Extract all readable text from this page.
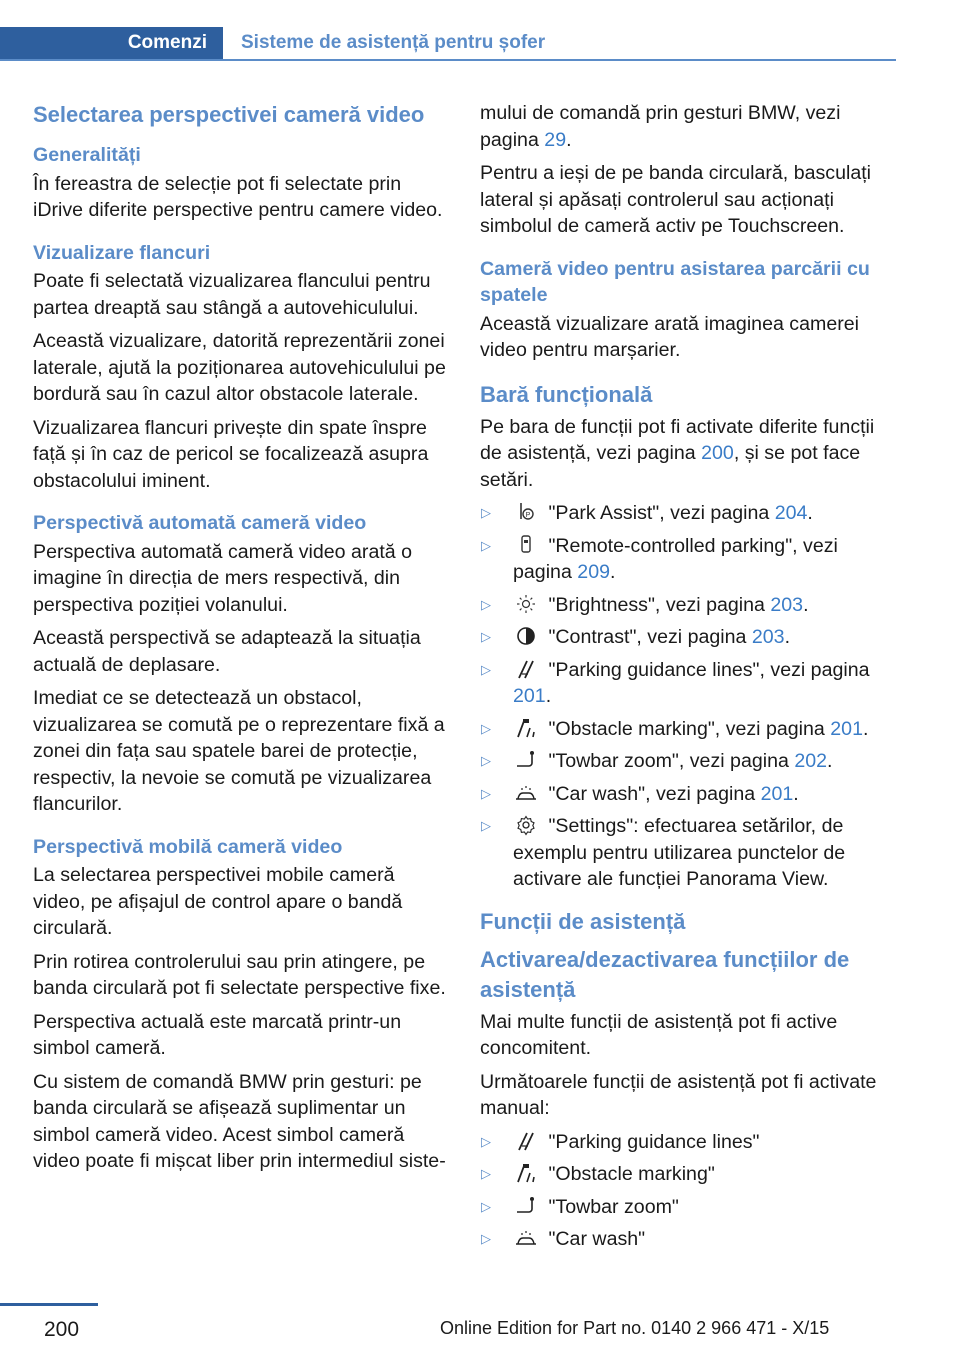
Comenzi Sisteme de asistență pentru șofer
Selectarea perspectivei cameră video
Generalități

În fereastra de selecție pot fi selectate prin iDrive diferite perspective pentru camere video.

Vizualizare flancuri

Poate fi selectată vizualizarea flancului pentru partea dreaptă sau stângă a autovehiculului.

Această vizualizare, datorită reprezentării zonei laterale, ajută la poziționarea autovehiculului pe bordură sau în cazul altor obstacole laterale.

Vizualizarea flancuri privește din spate înspre față și în caz de pericol se focalizează asupra obstacolului iminent.

Perspectivă automată cameră video

Perspectiva automată cameră video arată o imagine în direcția de mers respectivă, din perspectiva poziției volanului.

Această perspectivă se adaptează la situația actuală de deplasare.

Imediat ce se detectează un obstacol, vizualizarea se comută pe o reprezentare fixă a zonei din fața sau spatele barei de protecție, respectiv, la nevoie se comută pe vizualizarea flancurilor.

Perspectivă mobilă cameră video

La selectarea perspectivei mobile cameră video, pe afișajul de control apare o bandă circulară.

Prin rotirea controlerului sau prin atingere, pe banda circulară pot fi selectate perspective fixe.

Perspectiva actuală este marcată printr-un simbol cameră.

Cu sistem de comandă BMW prin gesturi: pe banda circulară se afișează suplimentar un simbol cameră video. Acest simbol cameră video poate fi mișcat liber prin intermediul siste-

mului de comandă prin gesturi BMW, vezi pagina 29.

Pentru a ieși de pe banda circulară, basculați lateral și apăsați controlerul sau acționați simbolul de cameră activ pe Touchscreen.

Cameră video pentru asistarea parcării cu spatele

Această vizualizare arată imaginea camerei video pentru marșarier.

Bară funcțională

Pe bara de funcții pot fi activate diferite funcții de asistență, vezi pagina 200, și se pot face setări.

▷	P "Park Assist", vezi pagina 204.
▷	"Remote-controlled parking", vezi pagina 209.
▷	"Brightness", vezi pagina 203.
▷	"Contrast", vezi pagina 203.
▷	"Parking guidance lines", vezi pagina 201.
▷	"Obstacle marking", vezi pagina 201.
▷	"Towbar zoom", vezi pagina 202.
▷	"Car wash", vezi pagina 201.
▷	"Settings": efectuarea setărilor, de exemplu pentru utilizarea punctelor de activare ale funcției Panorama View.
Funcții de asistență
Activarea/dezactivarea funcțiilor de asistență

Mai multe funcții de asistență pot fi active concomitent.

Următoarele funcții de asistență pot fi activate manual:

▷	"Parking guidance lines"
▷	"Obstacle marking"
▷	"Towbar zoom"
▷	"Car wash"
200	Online Edition for Part no. 0140 2 966 471 - X/15
